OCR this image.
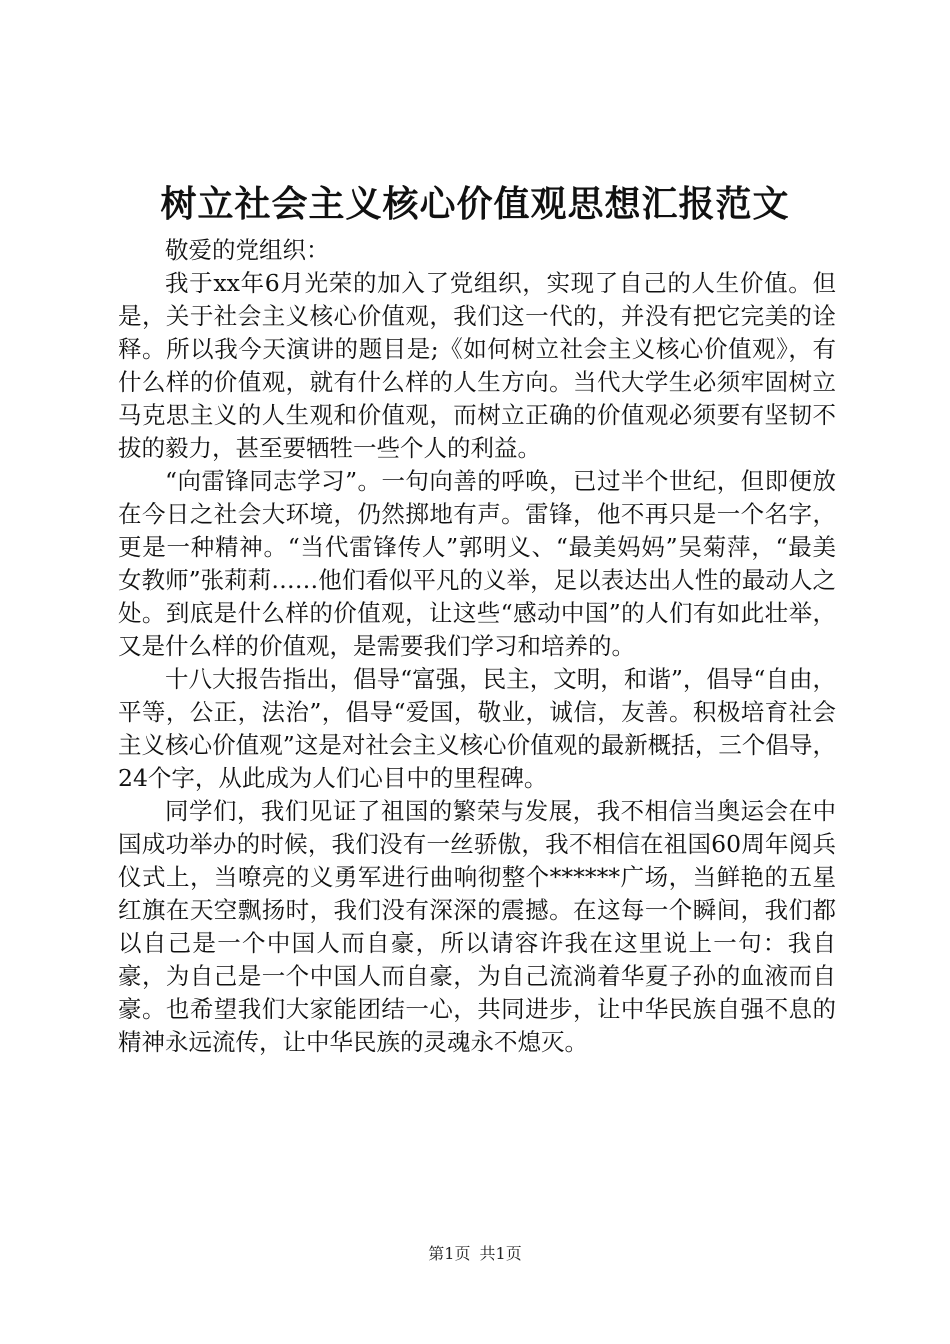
树立社会主义核心价值观思想汇报范文

敬爱的党组织：

我于xx年6月光荣的加入了党组织，实现了自己的人生价值。但是，关于社会主义核心价值观，我们这一代的，并没有把它完美的诠释。所以我今天演讲的题目是;《如何树立社会主义核心价值观》，有什么样的价值观，就有什么样的人生方向。当代大学生必须牢固树立马克思主义的人生观和价值观，而树立正确的价值观必须要有坚韧不拔的毅力，甚至要牺牲一些个人的利益。

“向雷锋同志学习”。一句向善的呼唤，已过半个世纪，但即便放在今日之社会大环境，仍然掷地有声。雷锋，他不再只是一个名字，更是一种精神。“当代雷锋传人”郭明义、“最美妈妈”吴菊萍，“最美女教师”张莉莉……他们看似平凡的义举，足以表达出人性的最动人之处。到底是什么样的价值观，让这些“感动中国”的人们有如此壮举，又是什么样的价值观，是需要我们学习和培养的。

十八大报告指出，倡导“富强，民主，文明，和谐”，倡导“自由，平等，公正，法治”，倡导“爱国，敬业，诚信，友善。积极培育社会主义核心价值观”这是对社会主义核心价值观的最新概括，三个倡导，24个字，从此成为人们心目中的里程碑。

同学们，我们见证了祖国的繁荣与发展，我不相信当奥运会在中国成功举办的时候，我们没有一丝骄傲，我不相信在祖国60周年阅兵仪式上，当嘹亮的义勇军进行曲响彻整个******广场，当鲜艳的五星红旗在天空飘扬时，我们没有深深的震撼。在这每一个瞬间，我们都以自己是一个中国人而自豪，所以请容许我在这里说上一句：我自豪，为自己是一个中国人而自豪，为自己流淌着华夏子孙的血液而自豪。也希望我们大家能团结一心，共同进步，让中华民族自强不息的精神永远流传，让中华民族的灵魂永不熄灭。

第1页 共1页
